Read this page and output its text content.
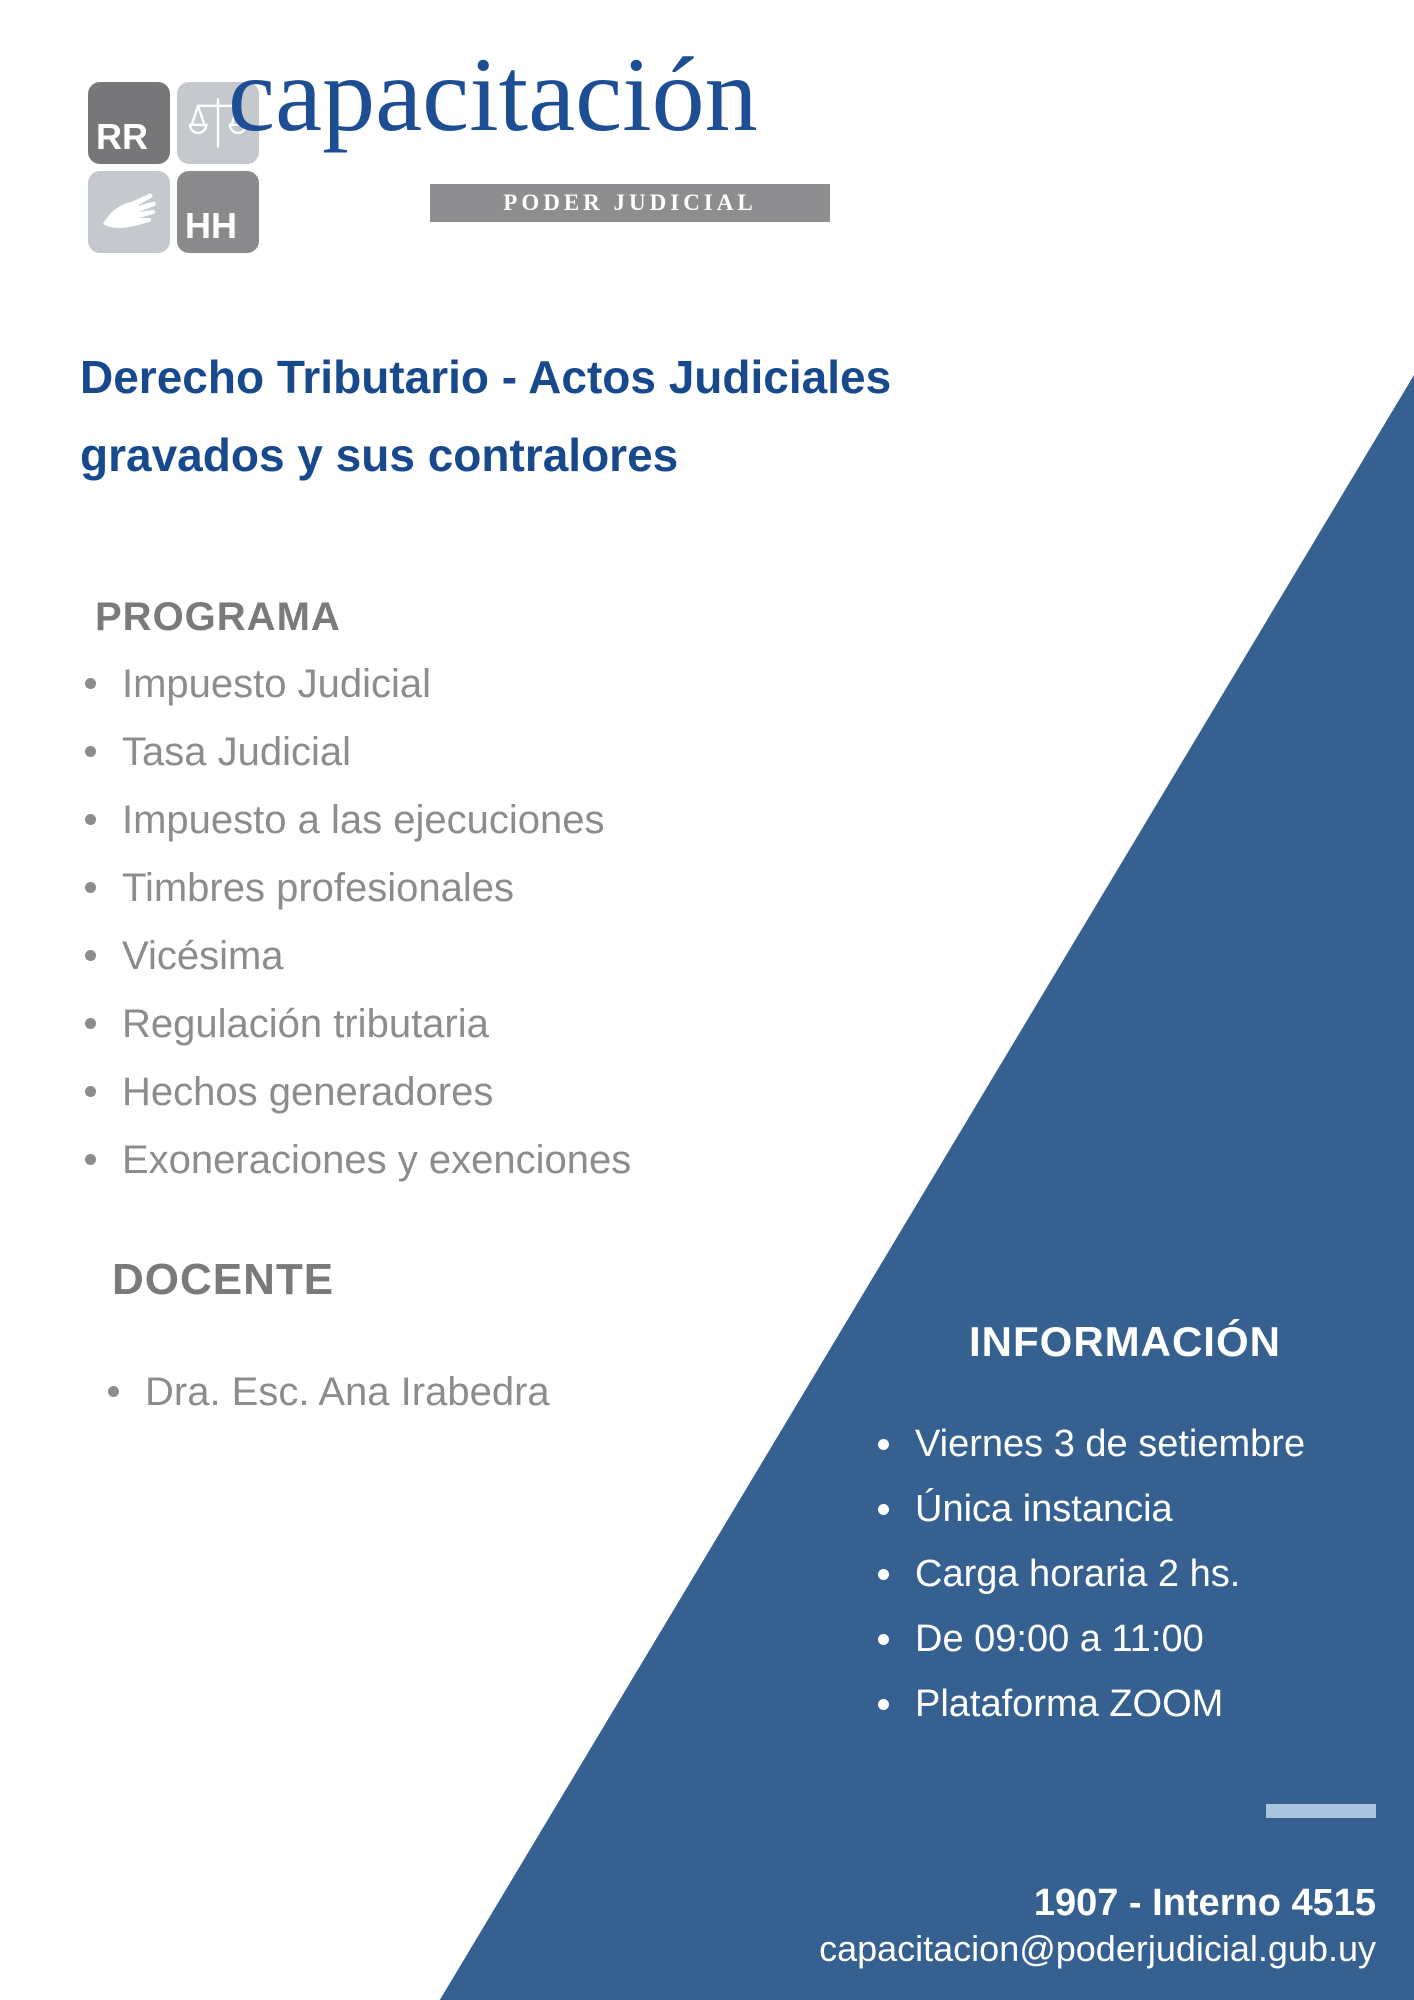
RR
HH
capacitación
PODER JUDICIAL
Derecho Tributario - Actos Judiciales gravados y sus contralores
PROGRAMA
Impuesto Judicial
Tasa Judicial
Impuesto a las ejecuciones
Timbres profesionales
Vicésima
Regulación tributaria
Hechos generadores
Exoneraciones y exenciones
DOCENTE
Dra. Esc. Ana Irabedra
INFORMACIÓN
Viernes 3 de setiembre
Única instancia
Carga horaria 2 hs.
De 09:00 a 11:00
Plataforma ZOOM
1907 - Interno 4515
capacitacion@poderjudicial.gub.uy
